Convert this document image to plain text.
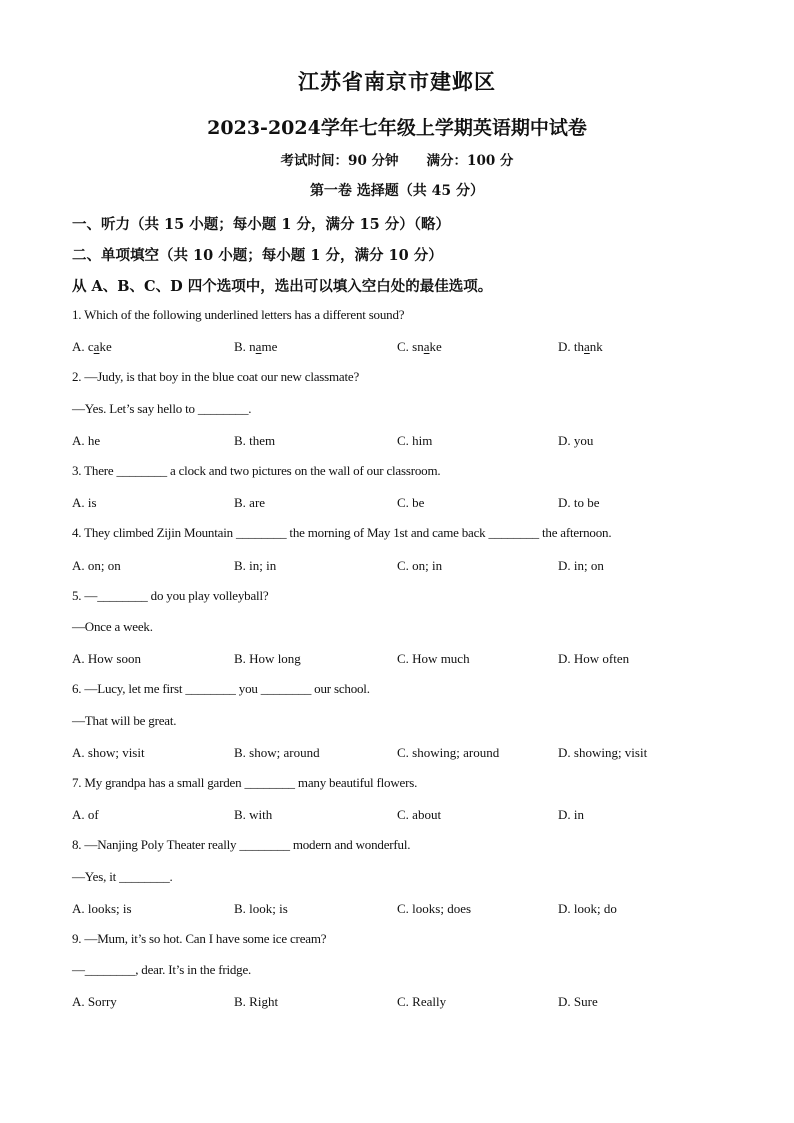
江苏省南京市建邺区
2023-2024学年七年级上学期英语期中试卷
考试时间：90 分钟 满分：100 分
第一卷 选择题（共 45 分）
一、听力（共 15 小题；每小题 1 分，满分 15 分）（略）
二、单项填空（共 10 小题；每小题 1 分，满分 10 分）
从 A、B、C、D 四个选项中，选出可以填入空白处的最佳选项。
1. Which of the following underlined letters has a different sound?
A. cake	B. name	C. snake	D. thank
2. —Judy, is that boy in the blue coat our new classmate?
—Yes. Let’s say hello to ________.
A. he	B. them	C. him	D. you
3. There ________ a clock and two pictures on the wall of our classroom.
A. is	B. are	C. be	D. to be
4. They climbed Zijin Mountain ________ the morning of May 1st and came back ________ the afternoon.
A. on; on	B. in; in	C. on; in	D. in; on
5. —________ do you play volleyball?
—Once a week.
A. How soon	B. How long	C. How much	D. How often
6. —Lucy, let me first ________ you ________ our school.
—That will be great.
A. show; visit	B. show; around	C. showing; around	D. showing; visit
7. My grandpa has a small garden ________ many beautiful flowers.
A. of	B. with	C. about	D. in
8. —Nanjing Poly Theater really ________ modern and wonderful.
—Yes, it ________.
A. looks; is	B. look; is	C. looks; does	D. look; do
9. —Mum, it’s so hot. Can I have some ice cream?
—________, dear. It’s in the fridge.
A. Sorry	B. Right	C. Really	D. Sure
